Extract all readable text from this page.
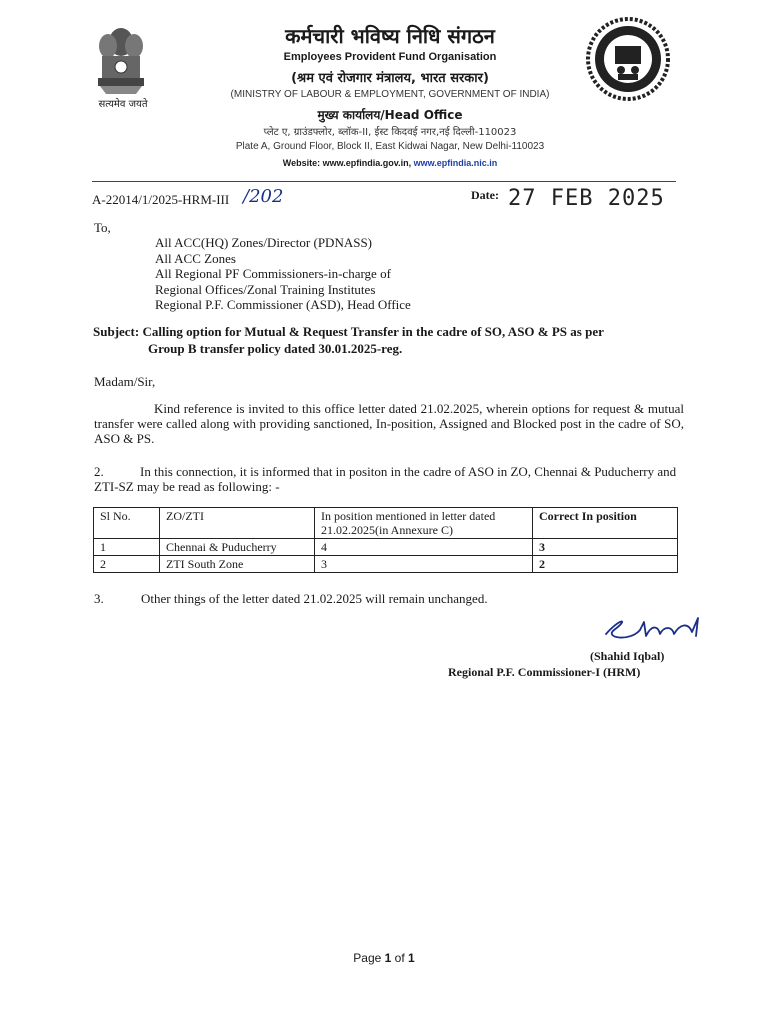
सत्यमेव जयते
कर्मचारी भविष्य निधि संगठन
Employees Provident Fund Organisation
(श्रम एवं रोजगार मंत्रालय, भारत सरकार)
(MINISTRY OF LABOUR & EMPLOYMENT, GOVERNMENT OF INDIA)
मुख्य कार्यालय/Head Office
प्लेट ए, ग्राउंडफ्लोर, ब्लॉक-II, ईस्ट किदवई नगर,नई दिल्ली-110023
Plate A, Ground Floor, Block II, East Kidwai Nagar, New Delhi-110023
Website: www.epfindia.gov.in, www.epfindia.nic.in
A-22014/1/2025-HRM-III /202	Date: 27 FEB 2025
To,
All ACC(HQ) Zones/Director (PDNASS)
All ACC Zones
All Regional PF Commissioners-in-charge of
Regional Offices/Zonal Training Institutes
Regional P.F. Commissioner (ASD), Head Office
Subject: Calling option for Mutual & Request Transfer in the cadre of SO, ASO & PS as per
Group B transfer policy dated 30.01.2025-reg.
Madam/Sir,
Kind reference is invited to this office letter dated 21.02.2025, wherein options for request & mutual transfer were called along with providing sanctioned, In-position, Assigned and Blocked post in the cadre of SO, ASO & PS.
2.	In this connection, it is informed that in positon in the cadre of ASO in ZO, Chennai & Puducherry and ZTI-SZ may be read as following: -
Sl No.	ZO/ZTI	In position mentioned in letter dated 21.02.2025(in Annexure C)	Correct In position
1	Chennai & Puducherry	4	3
2	ZTI South Zone	3	2
3.	Other things of the letter dated 21.02.2025 will remain unchanged.
(Shahid Iqbal)
Regional P.F. Commissioner-I (HRM)
Page 1 of 1
